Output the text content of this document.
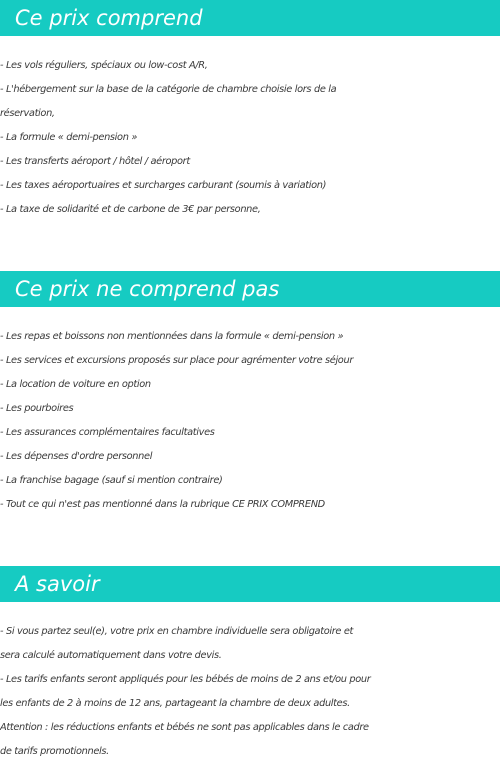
Ce prix comprend
- Les vols réguliers, spéciaux ou low-cost A/R,
- L'hébergement sur la base de la catégorie de chambre choisie lors de la
réservation,
- La formule « demi-pension »
- Les transferts aéroport / hôtel / aéroport
- Les taxes aéroportuaires et surcharges carburant (soumis à variation)
- La taxe de solidarité et de carbone de 3€ par personne,
Ce prix ne comprend pas
- Les repas et boissons non mentionnées dans la formule « demi-pension »
- Les services et excursions proposés sur place pour agrémenter votre séjour
- La location de voiture en option
- Les pourboires
- Les assurances complémentaires facultatives
- Les dépenses d'ordre personnel
- La franchise bagage (sauf si mention contraire)
- Tout ce qui n'est pas mentionné dans la rubrique CE PRIX COMPREND
A savoir
- Si vous partez seul(e), votre prix en chambre individuelle sera obligatoire et
sera calculé automatiquement dans votre devis.
- Les tarifs enfants seront appliqués pour les bébés de moins de 2 ans et/ou pour
les enfants de 2 à moins de 12 ans, partageant la chambre de deux adultes.
Attention : les réductions enfants et bébés ne sont pas applicables dans le cadre
de tarifs promotionnels.
